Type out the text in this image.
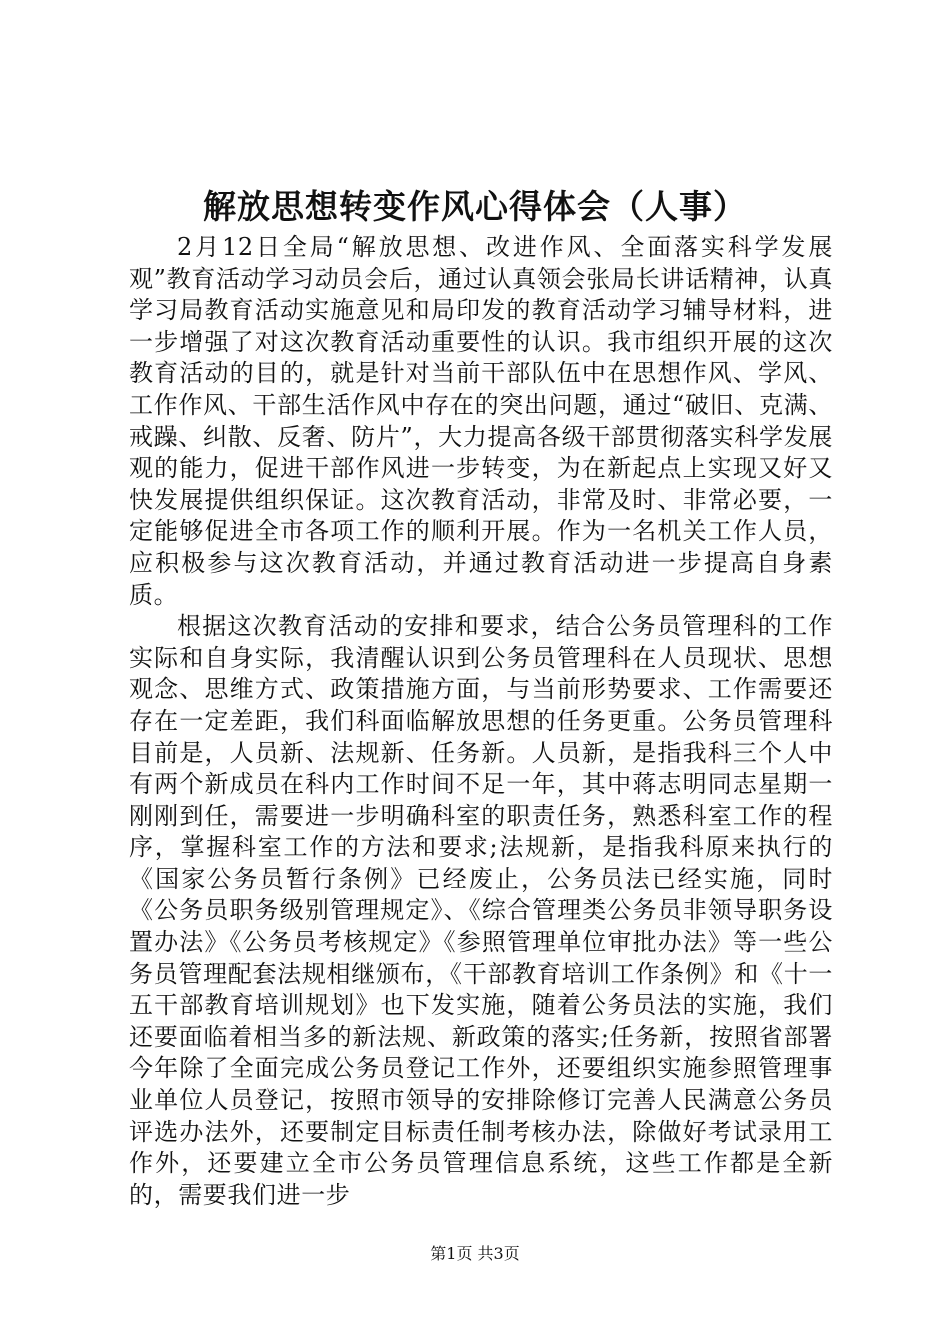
解放思想转变作风心得体会（人事）

2月12日全局“解放思想、改进作风、全面落实科学发展观”教育活动学习动员会后，通过认真领会张局长讲话精神，认真学习局教育活动实施意见和局印发的教育活动学习辅导材料，进一步增强了对这次教育活动重要性的认识。我市组织开展的这次教育活动的目的，就是针对当前干部队伍中在思想作风、学风、工作作风、干部生活作风中存在的突出问题，通过“破旧、克满、戒躁、纠散、反奢、防片”，大力提高各级干部贯彻落实科学发展观的能力，促进干部作风进一步转变，为在新起点上实现又好又快发展提供组织保证。这次教育活动，非常及时、非常必要，一定能够促进全市各项工作的顺利开展。作为一名机关工作人员，应积极参与这次教育活动，并通过教育活动进一步提高自身素质。

根据这次教育活动的安排和要求，结合公务员管理科的工作实际和自身实际，我清醒认识到公务员管理科在人员现状、思想观念、思维方式、政策措施方面，与当前形势要求、工作需要还存在一定差距，我们科面临解放思想的任务更重。公务员管理科目前是，人员新、法规新、任务新。人员新，是指我科三个人中有两个新成员在科内工作时间不足一年，其中蒋志明同志星期一刚刚到任，需要进一步明确科室的职责任务，熟悉科室工作的程序，掌握科室工作的方法和要求;法规新，是指我科原来执行的《国家公务员暂行条例》已经废止，公务员法已经实施，同时《公务员职务级别管理规定》、《综合管理类公务员非领导职务设置办法》《公务员考核规定》《参照管理单位审批办法》等一些公务员管理配套法规相继颁布，《干部教育培训工作条例》和《十一五干部教育培训规划》也下发实施，随着公务员法的实施，我们还要面临着相当多的新法规、新政策的落实;任务新，按照省部署今年除了全面完成公务员登记工作外，还要组织实施参照管理事业单位人员登记，按照市领导的安排除修订完善人民满意公务员评选办法外，还要制定目标责任制考核办法，除做好考试录用工作外，还要建立全市公务员管理信息系统，这些工作都是全新的，需要我们进一步

第1页 共3页
